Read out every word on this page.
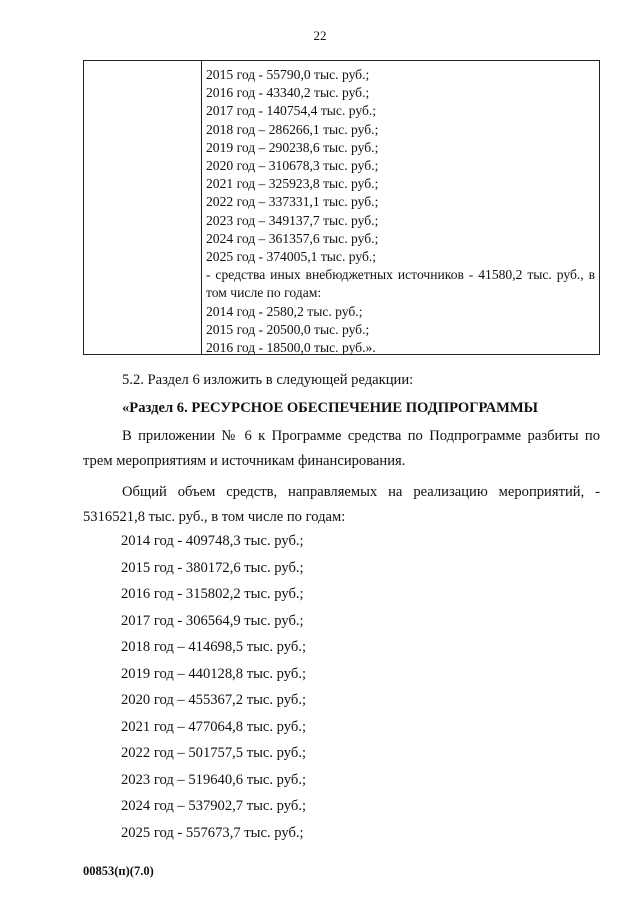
22
2015 год - 55790,0 тыс. руб.;
2016 год - 43340,2 тыс. руб.;
2017 год - 140754,4 тыс. руб.;
2018 год – 286266,1 тыс. руб.;
2019 год – 290238,6 тыс. руб.;
2020 год – 310678,3 тыс. руб.;
2021 год – 325923,8 тыс. руб.;
2022 год – 337331,1 тыс. руб.;
2023 год – 349137,7 тыс. руб.;
2024 год – 361357,6 тыс. руб.;
2025 год - 374005,1 тыс. руб.;
- средства иных внебюджетных источников - 41580,2 тыс. руб., в том числе по годам:
2014 год - 2580,2 тыс. руб.;
2015 год - 20500,0 тыс. руб.;
2016 год - 18500,0 тыс. руб.».
5.2. Раздел 6 изложить в следующей редакции:
«Раздел 6. РЕСУРСНОЕ ОБЕСПЕЧЕНИЕ ПОДПРОГРАММЫ
В приложении № 6 к Программе средства по Подпрограмме разбиты по трем мероприятиям и источникам финансирования.
Общий объем средств, направляемых на реализацию мероприятий, - 5316521,8 тыс. руб., в том числе по годам:
2014 год - 409748,3 тыс. руб.;
2015 год - 380172,6 тыс. руб.;
2016 год - 315802,2 тыс. руб.;
2017 год - 306564,9 тыс. руб.;
2018 год – 414698,5 тыс. руб.;
2019 год – 440128,8 тыс. руб.;
2020 год – 455367,2 тыс. руб.;
2021 год – 477064,8 тыс. руб.;
2022 год – 501757,5 тыс. руб.;
2023 год – 519640,6 тыс. руб.;
2024 год – 537902,7 тыс. руб.;
2025 год - 557673,7 тыс. руб.;
00853(п)(7.0)
